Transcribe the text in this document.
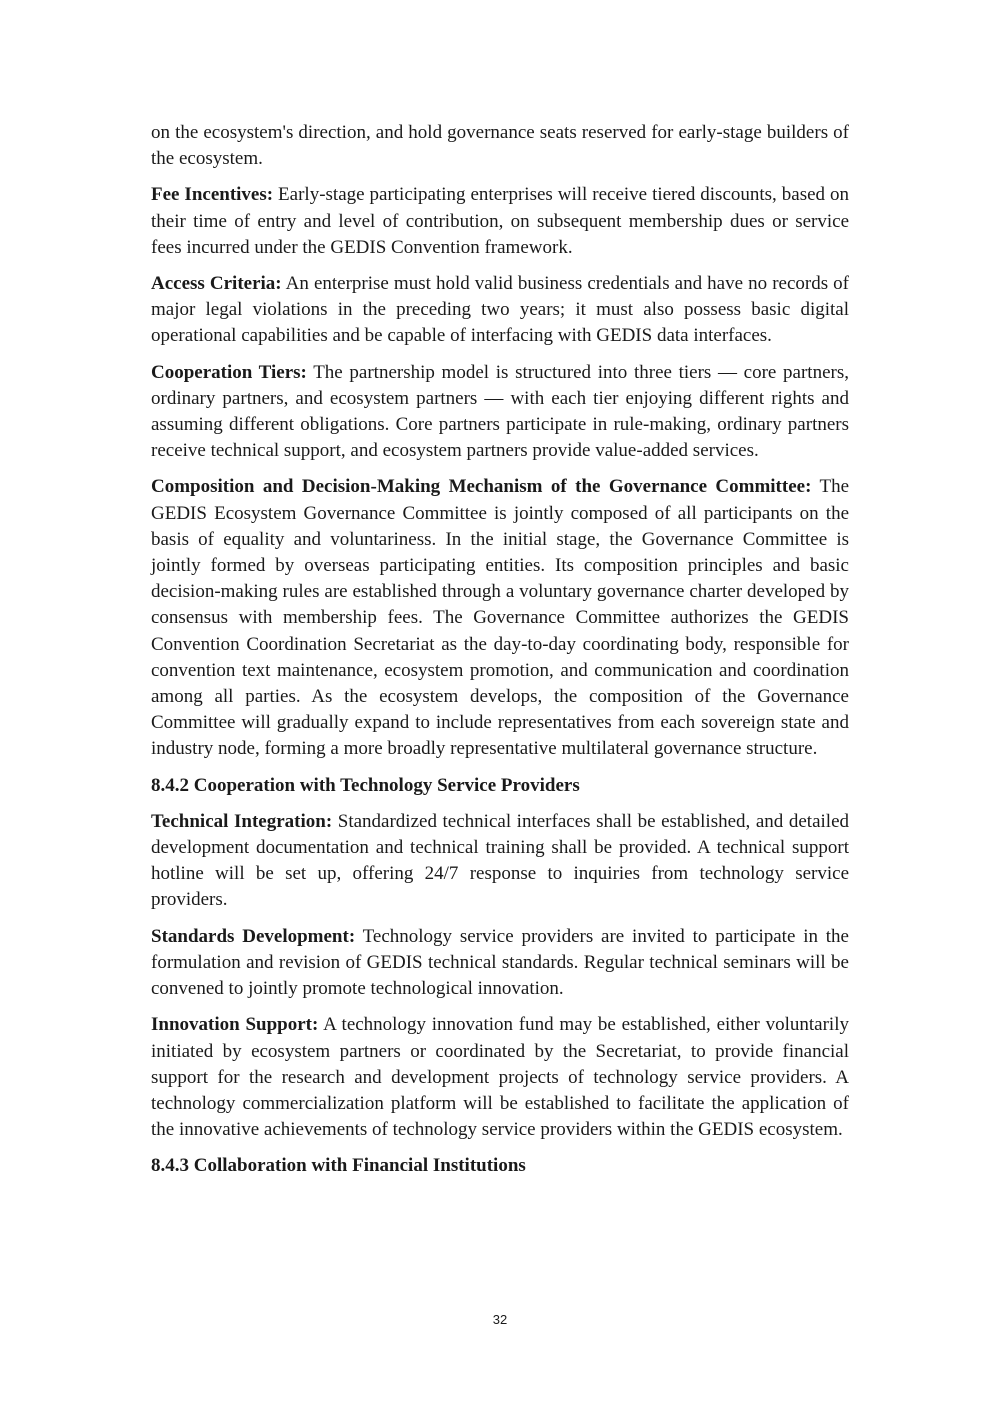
on the ecosystem's direction, and hold governance seats reserved for early-stage builders of the ecosystem.

Fee Incentives: Early-stage participating enterprises will receive tiered discounts, based on their time of entry and level of contribution, on subsequent membership dues or service fees incurred under the GEDIS Convention framework.

Access Criteria: An enterprise must hold valid business credentials and have no records of major legal violations in the preceding two years; it must also possess basic digital operational capabilities and be capable of interfacing with GEDIS data interfaces.

Cooperation Tiers: The partnership model is structured into three tiers — core partners, ordinary partners, and ecosystem partners — with each tier enjoying different rights and assuming different obligations. Core partners participate in rule-making, ordinary partners receive technical support, and ecosystem partners provide value-added services.

Composition and Decision-Making Mechanism of the Governance Committee: The GEDIS Ecosystem Governance Committee is jointly composed of all participants on the basis of equality and voluntariness. In the initial stage, the Governance Committee is jointly formed by overseas participating entities. Its composition principles and basic decision-making rules are established through a voluntary governance charter developed by consensus with membership fees. The Governance Committee authorizes the GEDIS Convention Coordination Secretariat as the day-to-day coordinating body, responsible for convention text maintenance, ecosystem promotion, and communication and coordination among all parties. As the ecosystem develops, the composition of the Governance Committee will gradually expand to include representatives from each sovereign state and industry node, forming a more broadly representative multilateral governance structure.

8.4.2 Cooperation with Technology Service Providers

Technical Integration: Standardized technical interfaces shall be established, and detailed development documentation and technical training shall be provided. A technical support hotline will be set up, offering 24/7 response to inquiries from technology service providers.

Standards Development: Technology service providers are invited to participate in the formulation and revision of GEDIS technical standards. Regular technical seminars will be convened to jointly promote technological innovation.

Innovation Support: A technology innovation fund may be established, either voluntarily initiated by ecosystem partners or coordinated by the Secretariat, to provide financial support for the research and development projects of technology service providers. A technology commercialization platform will be established to facilitate the application of the innovative achievements of technology service providers within the GEDIS ecosystem.

8.4.3 Collaboration with Financial Institutions
32
